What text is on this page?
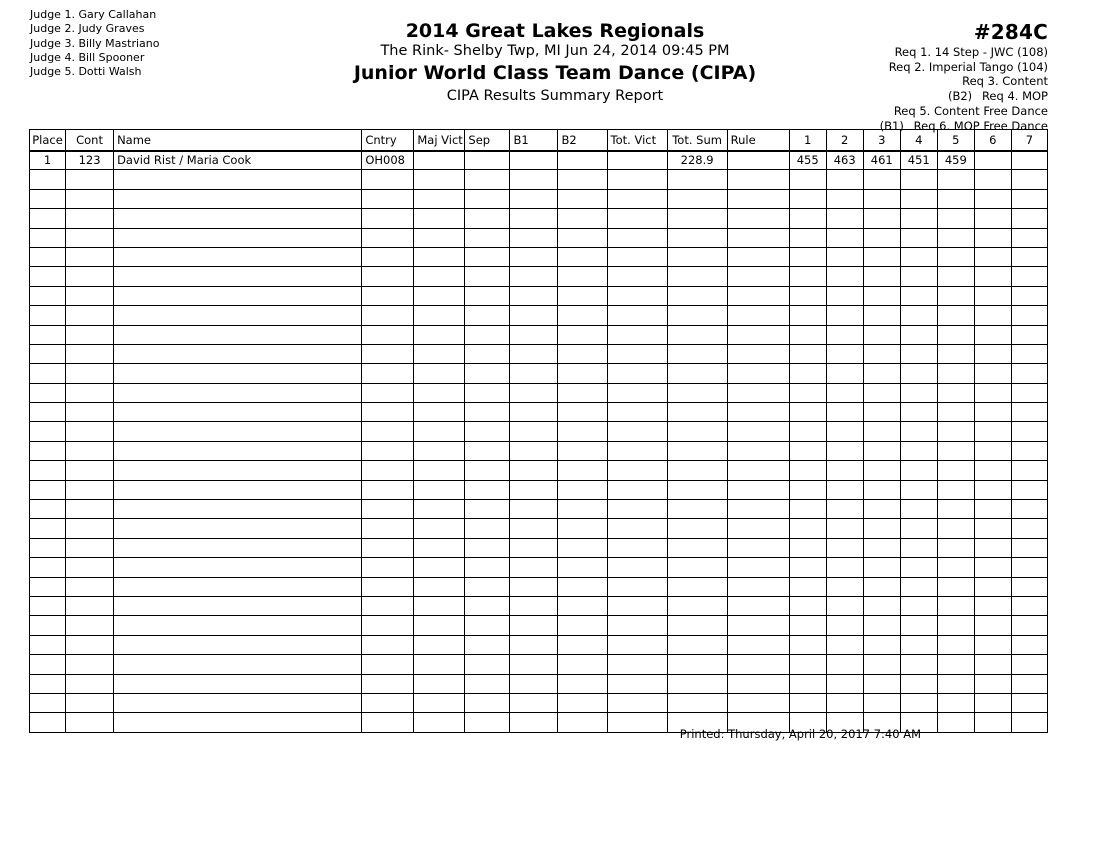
Judge 1. Gary Callahan
Judge 2. Judy Graves
Judge 3. Billy Mastriano
Judge 4. Bill Spooner
Judge 5. Dotti Walsh
2014 Great Lakes Regionals
The Rink- Shelby Twp, MI Jun 24, 2014 09:45 PM
Junior World Class Team Dance (CIPA)
CIPA Results Summary Report
#284C
Req 1. 14 Step - JWC (108)
Req 2. Imperial Tango (104)
Req 3. Content
(B2) Req 4. MOP
Req 5. Content Free Dance
(B1) Req 6. MOP Free Dance
Place	Cont	Name	Cntry	Maj Vict	Sep	B1	B2	Tot. Vict	Tot. Sum	Rule	1	2	3	4	5	6	7
1	123	David Rist / Maria Cook	OH008						228.9		455	463	461	451	459		

Printed: Thursday, April 20, 2017 7:40 AM
